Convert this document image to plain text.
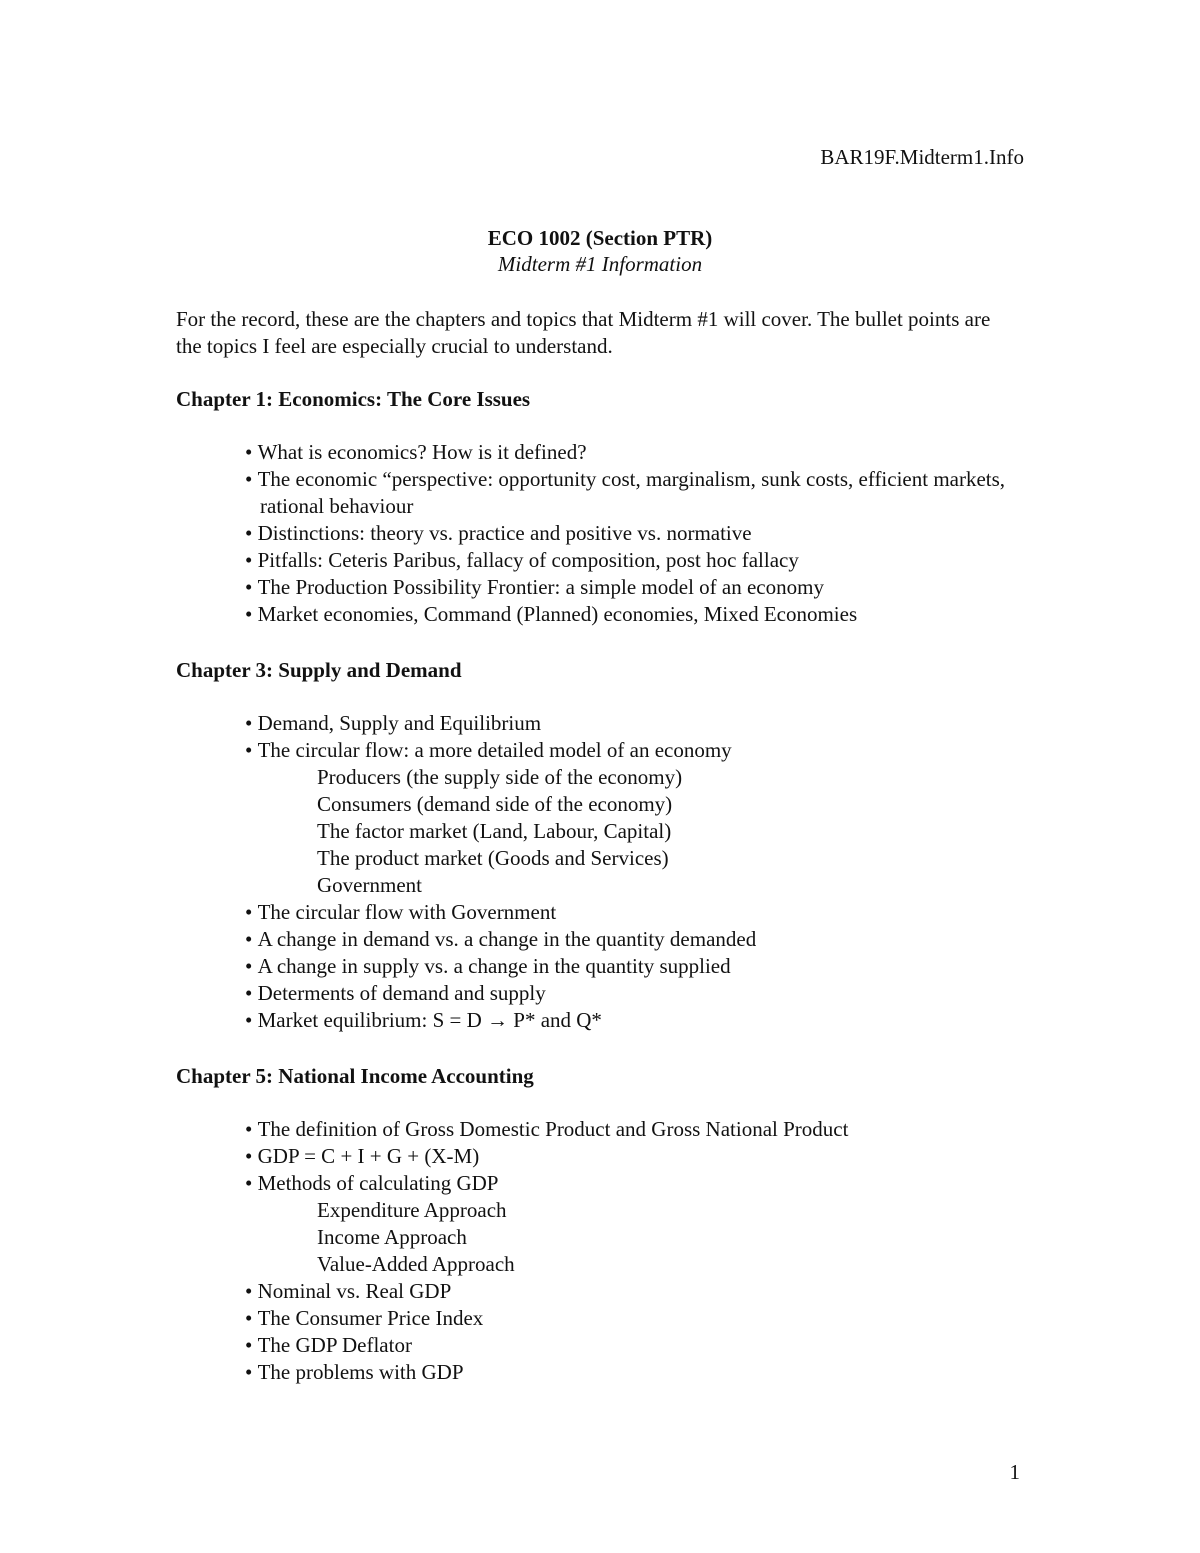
BAR19F.Midterm1.Info
ECO 1002 (Section PTR)
Midterm #1 Information
For the record, these are the chapters and topics that Midterm #1 will cover. The bullet points are the topics I feel are especially crucial to understand.
Chapter 1: Economics: The Core Issues
• What is economics? How is it defined?
• The economic “perspective: opportunity cost, marginalism, sunk costs, efficient markets, rational behaviour
• Distinctions: theory vs. practice and positive vs. normative
• Pitfalls: Ceteris Paribus, fallacy of composition, post hoc fallacy
• The Production Possibility Frontier: a simple model of an economy
• Market economies, Command (Planned) economies, Mixed Economies
Chapter 3: Supply and Demand
• Demand, Supply and Equilibrium
• The circular flow: a more detailed model of an economy
Producers (the supply side of the economy)
Consumers (demand side of the economy)
The factor market (Land, Labour, Capital)
The product market (Goods and Services)
Government
• The circular flow with Government
• A change in demand vs. a change in the quantity demanded
• A change in supply vs. a change in the quantity supplied
• Determents of demand and supply
• Market equilibrium: S = D → P* and Q*
Chapter 5: National Income Accounting
• The definition of Gross Domestic Product and Gross National Product
• GDP = C + I + G + (X-M)
• Methods of calculating GDP
Expenditure Approach
Income Approach
Value-Added Approach
• Nominal vs. Real GDP
• The Consumer Price Index
• The GDP Deflator
• The problems with GDP
1
